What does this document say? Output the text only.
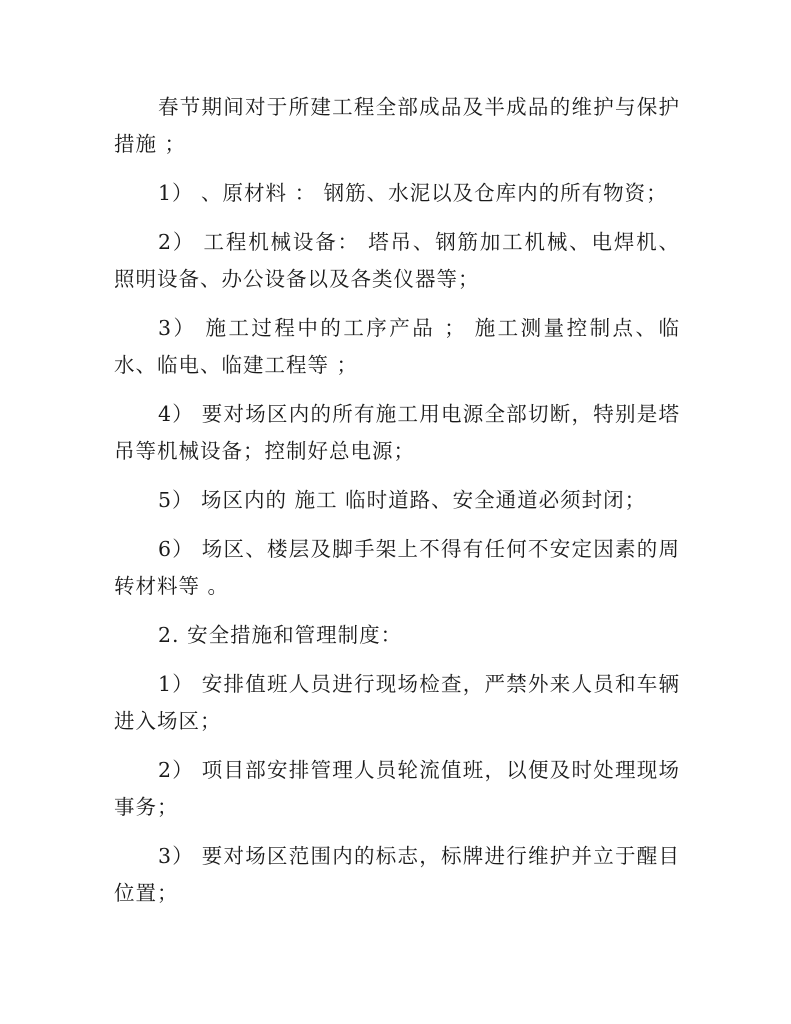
春节期间对于所建工程全部成品及半成品的维护与保护措施 ；

1） 、原材料 ： 钢筋、水泥以及仓库内的所有物资；

2） 工程机械设备： 塔吊、钢筋加工机械、电焊机、照明设备、办公设备以及各类仪器等；

3） 施工过程中的工序产品 ； 施工测量控制点、临水、临电、临建工程等 ；

4） 要对场区内的所有施工用电源全部切断，特别是塔吊等机械设备；控制好总电源；

5） 场区内的 施工 临时道路、安全通道必须封闭；

6） 场区、楼层及脚手架上不得有任何不安定因素的周转材料等 。

2. 安全措施和管理制度：

1） 安排值班人员进行现场检查，严禁外来人员和车辆进入场区；

2） 项目部安排管理人员轮流值班，以便及时处理现场事务；

3） 要对场区范围内的标志，标牌进行维护并立于醒目位置；
